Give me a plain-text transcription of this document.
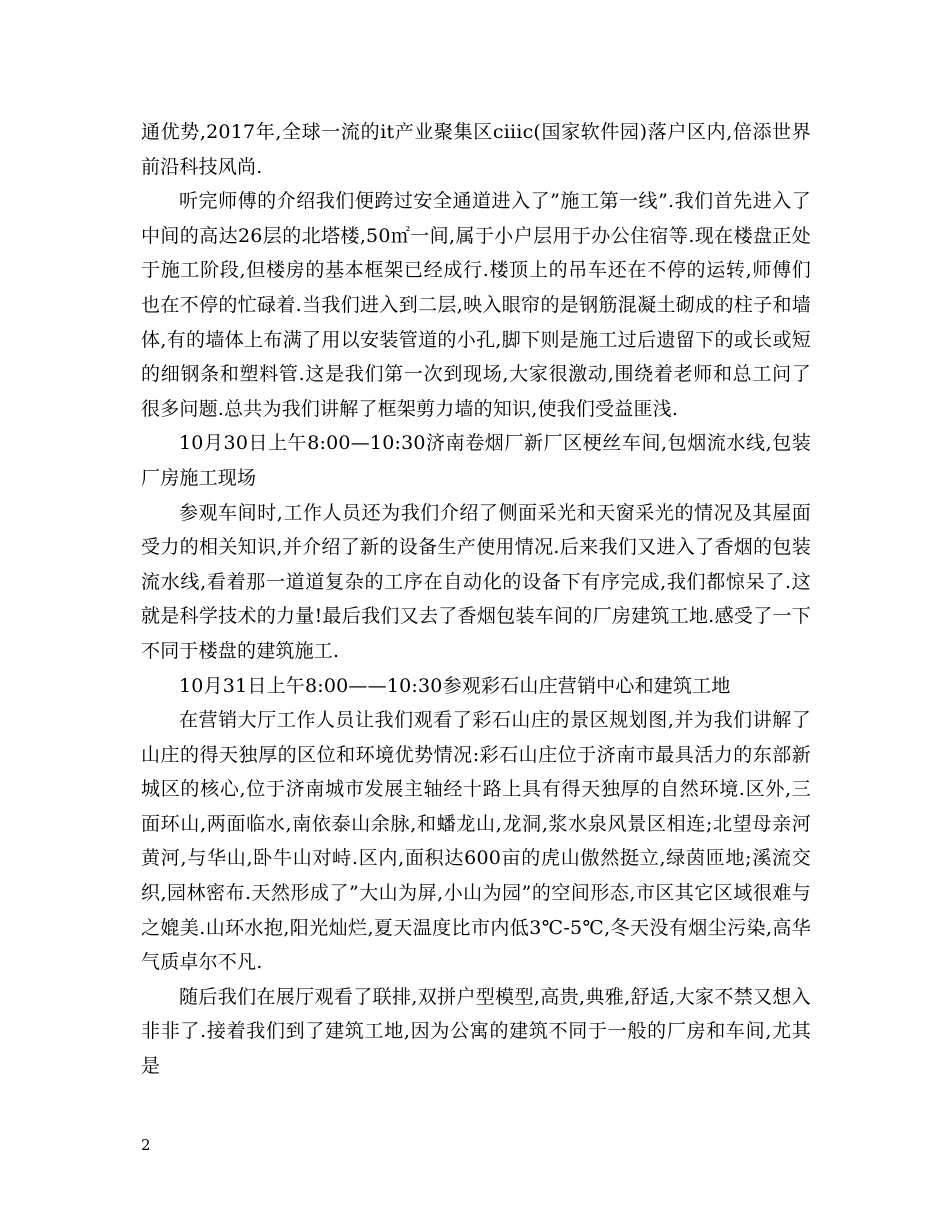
通优势,2017年,全球一流的it产业聚集区ciiic(国家软件园)落户区内,倍添世界前沿科技风尚.

听完师傅的介绍我们便跨过安全通道进入了”施工第一线”.我们首先进入了中间的高达26层的北塔楼,50㎡一间,属于小户层用于办公住宿等.现在楼盘正处于施工阶段,但楼房的基本框架已经成行.楼顶上的吊车还在不停的运转,师傅们也在不停的忙碌着.当我们进入到二层,映入眼帘的是钢筋混凝土砌成的柱子和墙体,有的墙体上布满了用以安装管道的小孔,脚下则是施工过后遗留下的或长或短的细钢条和塑料管.这是我们第一次到现场,大家很激动,围绕着老师和总工问了很多问题.总共为我们讲解了框架剪力墙的知识,使我们受益匪浅.

10月30日上午8:00—10:30济南卷烟厂新厂区梗丝车间,包烟流水线,包装厂房施工现场

参观车间时,工作人员还为我们介绍了侧面采光和天窗采光的情况及其屋面受力的相关知识,并介绍了新的设备生产使用情况.后来我们又进入了香烟的包装流水线,看着那一道道复杂的工序在自动化的设备下有序完成,我们都惊呆了.这就是科学技术的力量!最后我们又去了香烟包装车间的厂房建筑工地.感受了一下不同于楼盘的建筑施工.

10月31日上午8:00——10:30参观彩石山庄营销中心和建筑工地

在营销大厅工作人员让我们观看了彩石山庄的景区规划图,并为我们讲解了山庄的得天独厚的区位和环境优势情况:彩石山庄位于济南市最具活力的东部新城区的核心,位于济南城市发展主轴经十路上具有得天独厚的自然环境.区外,三面环山,两面临水,南依泰山余脉,和蟠龙山,龙洞,浆水泉风景区相连;北望母亲河黄河,与华山,卧牛山对峙.区内,面积达600亩的虎山傲然挺立,绿茵匝地;溪流交织,园林密布.天然形成了”大山为屏,小山为园”的空间形态,市区其它区域很难与之媲美.山环水抱,阳光灿烂,夏天温度比市内低3℃-5℃,冬天没有烟尘污染,高华气质卓尔不凡.

随后我们在展厅观看了联排,双拼户型模型,高贵,典雅,舒适,大家不禁又想入非非了.接着我们到了建筑工地,因为公寓的建筑不同于一般的厂房和车间,尤其是

2
